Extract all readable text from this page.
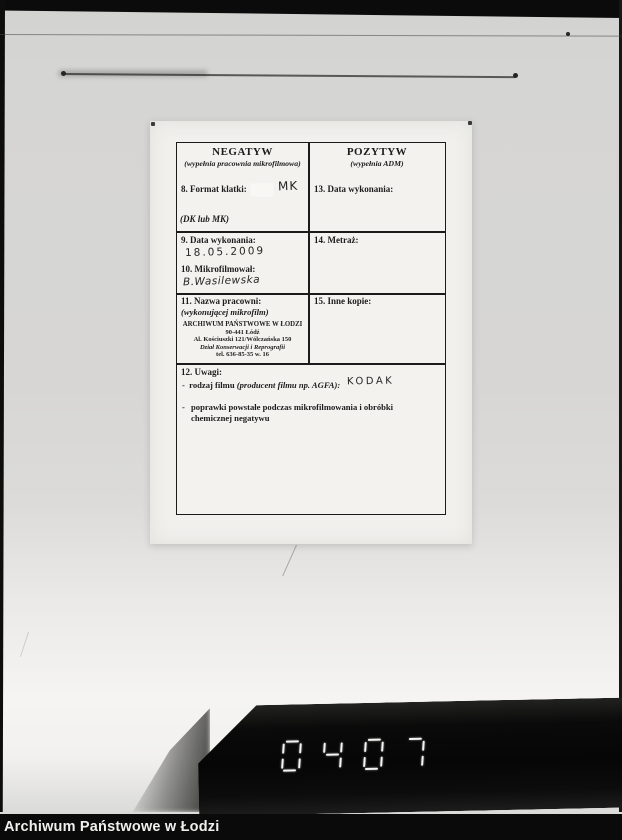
NEGATYW
(wypełnia pracownia mikrofilmowa)
POZYTYW
(wypełnia ADM)
8. Format klatki:	MK
(DK lub MK)
13. Data wykonania:
9. Data wykonania:
18.05.2009
10. Mikrofilmował:
B.Wasilewska
14. Metraż:
11. Nazwa pracowni:
(wykonującej mikrofilm)
ARCHIWUM PAŃSTWOWE W ŁODZI
90-441 Łódź
Al. Kościuszki 121/Wólczańska 150
Dział Konserwacji i Reprografii
tel. 636-85-35 w. 16
15. Inne kopie:
12. Uwagi:
- rodzaj filmu (producent filmu np. AGFA): KODAK
- poprawki powstałe podczas mikrofilmowania i obróbki chemicznej negatywu
Archiwum Państwowe w Łodzi
